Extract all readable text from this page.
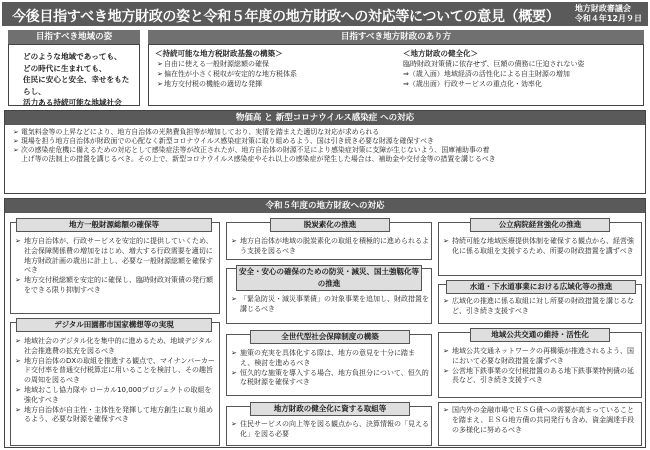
今後目指すべき地方財政の姿と令和５年度の地方財政への対応等についての意見（概要）
地方財政審議会
令和４年12月９日
目指すべき地域の姿
どのような地域であっても、
どの時代に生まれても、
住民に安心と安全、幸せをもたらし、
活力ある持続可能な地域社会
目指すべき地方財政のあり方
＜持続可能な地方税財政基盤の構築＞
➢自由に使える一般財源総額の確保
➢偏在性が小さく税収が安定的な地方税体系
➢地方交付税の機能の適切な発揮
＜地方財政の健全化＞
臨時財政対策債に依存せず、巨額の債務に圧迫されない姿
⇒（歳入面）地域経済の活性化による自主財源の増加
⇒（歳出面）行政サービスの重点化・効率化
物価高 と 新型コロナウイルス感染症 への対応
➢ 電気料金等の上昇などにより、地方自治体の光熱費負担等が増加しており、実情を踏まえた適切な対応が求められる
➢ 現場を担う地方自治体が財政面での心配なく新型コロナウイルス感染症対策に取り組めるよう、国は引き続き必要な財源を確保すべき
➢ 次の感染症危機に備えるための対応として感染症法等が改正されたが、地方自治体の財源不足により感染症対策に支障が生じないよう、国庫補助事の着
上げ等の法制上の措置を講じるべき。その上で、新型コロナウイルス感染症やそれ以上の感染症が発生した場合は、補助金や交付金等の措置を講じるべき
令和５年度の地方財政への対応
➢ 地方自治体が、行政サービスを安定的に提供していくため、社会保障関係費の増加をはじめ、増大する行政需要を適切に地方財政計画の歳出に計上し、必要な一般財源総額を確保すべき
➢ 地方交付税総額を安定的に確保し、臨時財政対策債の発行額をできる限り抑制すべき
地方一般財源総額の確保等
➢ 地域社会のデジタル化を集中的に進めるため、地域デジタル社会推進費の拡充を図るべき
➢ 地方自治体のDXの取組を推進する観点で、マイナンバーカード交付率を普通交付税算定に用いることを検討し、その趣旨の周知を図るべき
➢ 地域おこし協力隊や ローカル10,000プロジェクトの取組を強化すべき
➢ 地方自治体が自主性・主体性を発揮して地方創生に取り組めるよう、必要な財源を確保すべき
デジタル田園都市国家構想等の実現
➢ 地方自治体が地域の脱炭素化の取組を積極的に進められるよう支援を図るべき
脱炭素化の推進
➢ 「緊急防災・減災事業債」の対象事業を追加し、財政措置を講じるべき
安全・安心の確保のための防災・減災、国土強靱化等の推進
➢ 施策の充実を具体化する際は、地方の意見を十分に踏まえ、検討を進めるべき
➢ 恒久的な施策を導入する場合、地方負担分について、恒久的な税財源を確保すべき
全世代型社会保障制度の構築
➢ 住民サービスの向上等を図る観点から、決算情報の「見える化」を図る必要
地方財政の健全化に資する取組等
➢ 持続可能な地域医療提供体制を確保する観点から、経営強化に係る取組を支援するため、所要の財政措置を講ずべき
公立病院経営強化の推進
➢ 広域化の推進に係る取組に対し所要の財政措置を講じるなど、引き続き支援すべき
水道・下水道事業における広域化等の推進
➢ 地域公共交通ネットワークの再構築が推進されるよう、国において必要な財政措置を講ずべき
➢ 公営地下鉄事業の交付税措置のある地下鉄事業特例債の延長など、引き続き支援すべき
地域公共交通の維持・活性化
➢ 国内外の金融市場でＥＳＧ債への需要が高まっていることを踏まえ、ＥＳＧ地方債の共同発行も含め、資金調達手段の多様化に努めるべき
